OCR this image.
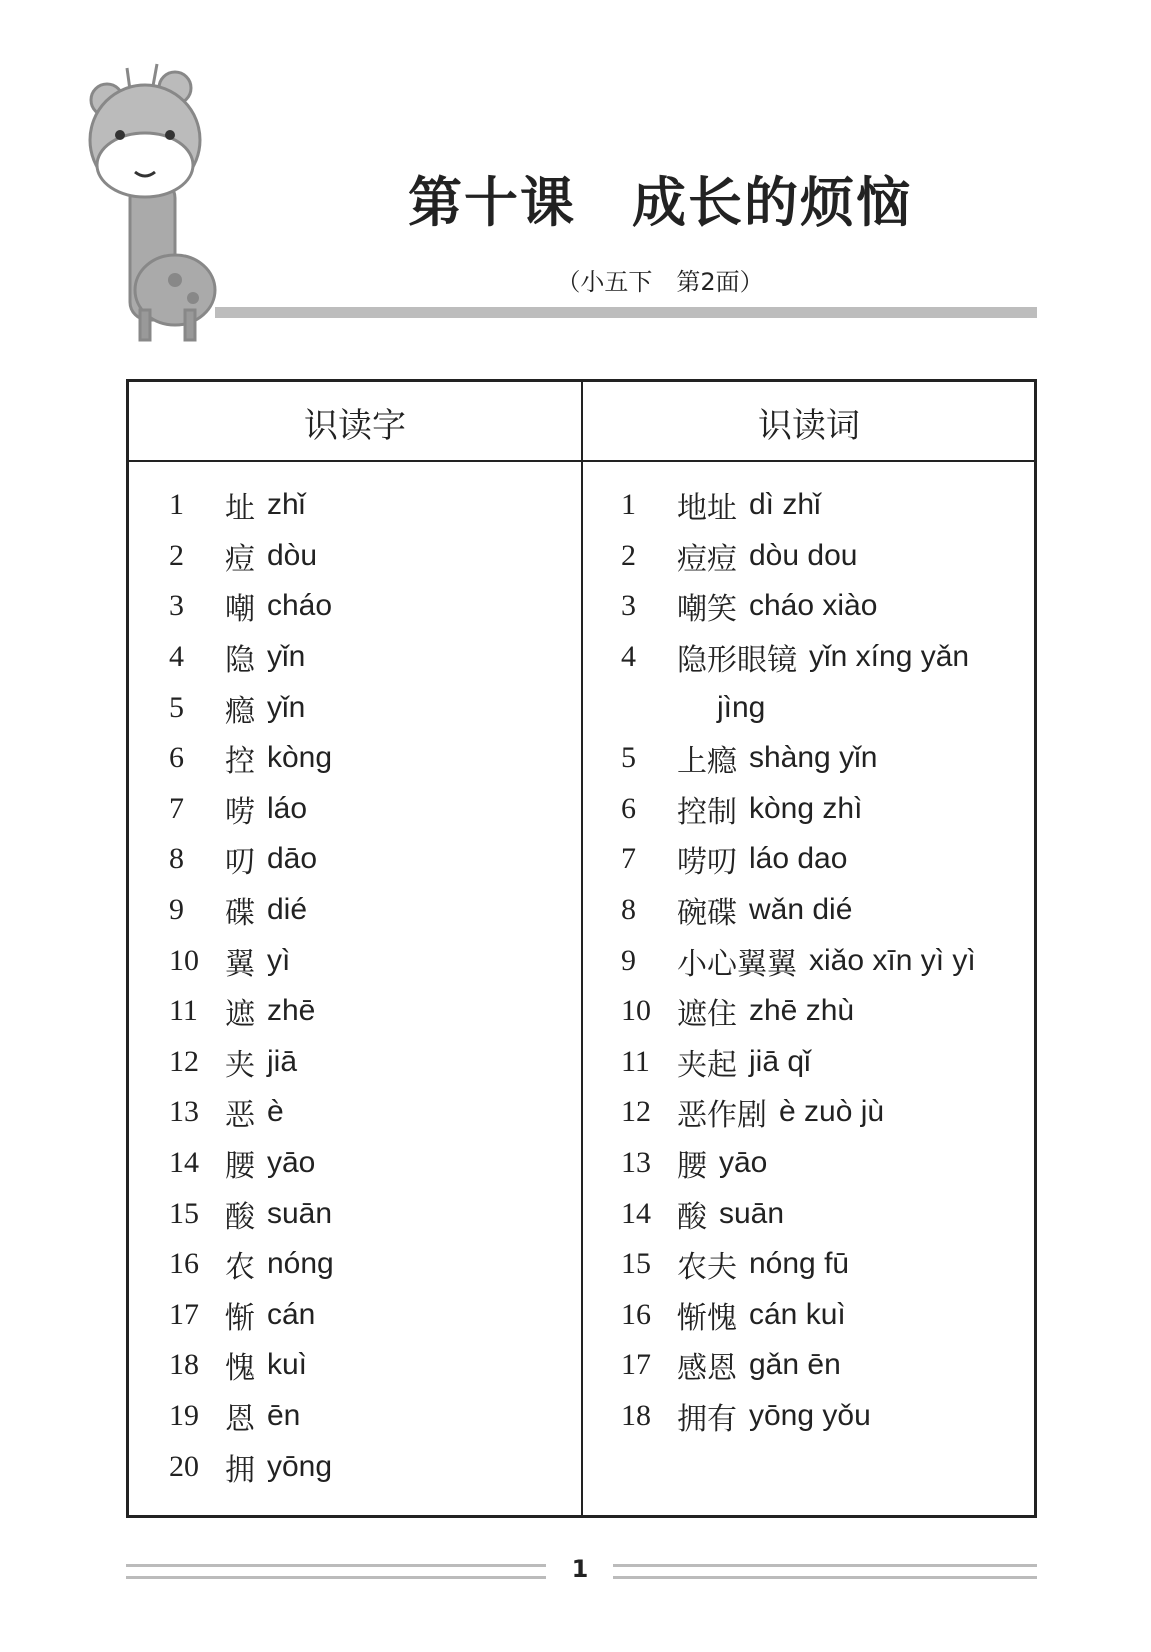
第十课　成长的烦恼
（小五下　第2面）
识读字	识读词
1	址 zhǐ
2	痘 dòu
3	嘲 cháo
4	隐 yǐn
5	瘾 yǐn
6	控 kòng
7	唠 láo
8	叨 dāo
9	碟 dié
10 翼 yì
11 遮 zhē
12 夹 jiā
13 恶 è
14 腰 yāo
15 酸 suān
16 农 nóng
17 惭 cán
18 愧 kuì
19 恩 ēn
20 拥 yōng
1	地址 dì zhǐ
2	痘痘 dòu dou
3	嘲笑 cháo xiào
4	隐形眼镜 yǐn xíng yǎn
jìng
5	上瘾 shàng yǐn
6	控制 kòng zhì
7	唠叨 láo dao
8	碗碟 wǎn dié
9	小心翼翼 xiǎo xīn yì yì
10 遮住 zhē zhù
11 夹起 jiā qǐ
12 恶作剧 è zuò jù
13 腰 yāo
14 酸 suān
15 农夫 nóng fū
16 惭愧 cán kuì
17 感恩 gǎn ēn
18 拥有 yōng yǒu
1
